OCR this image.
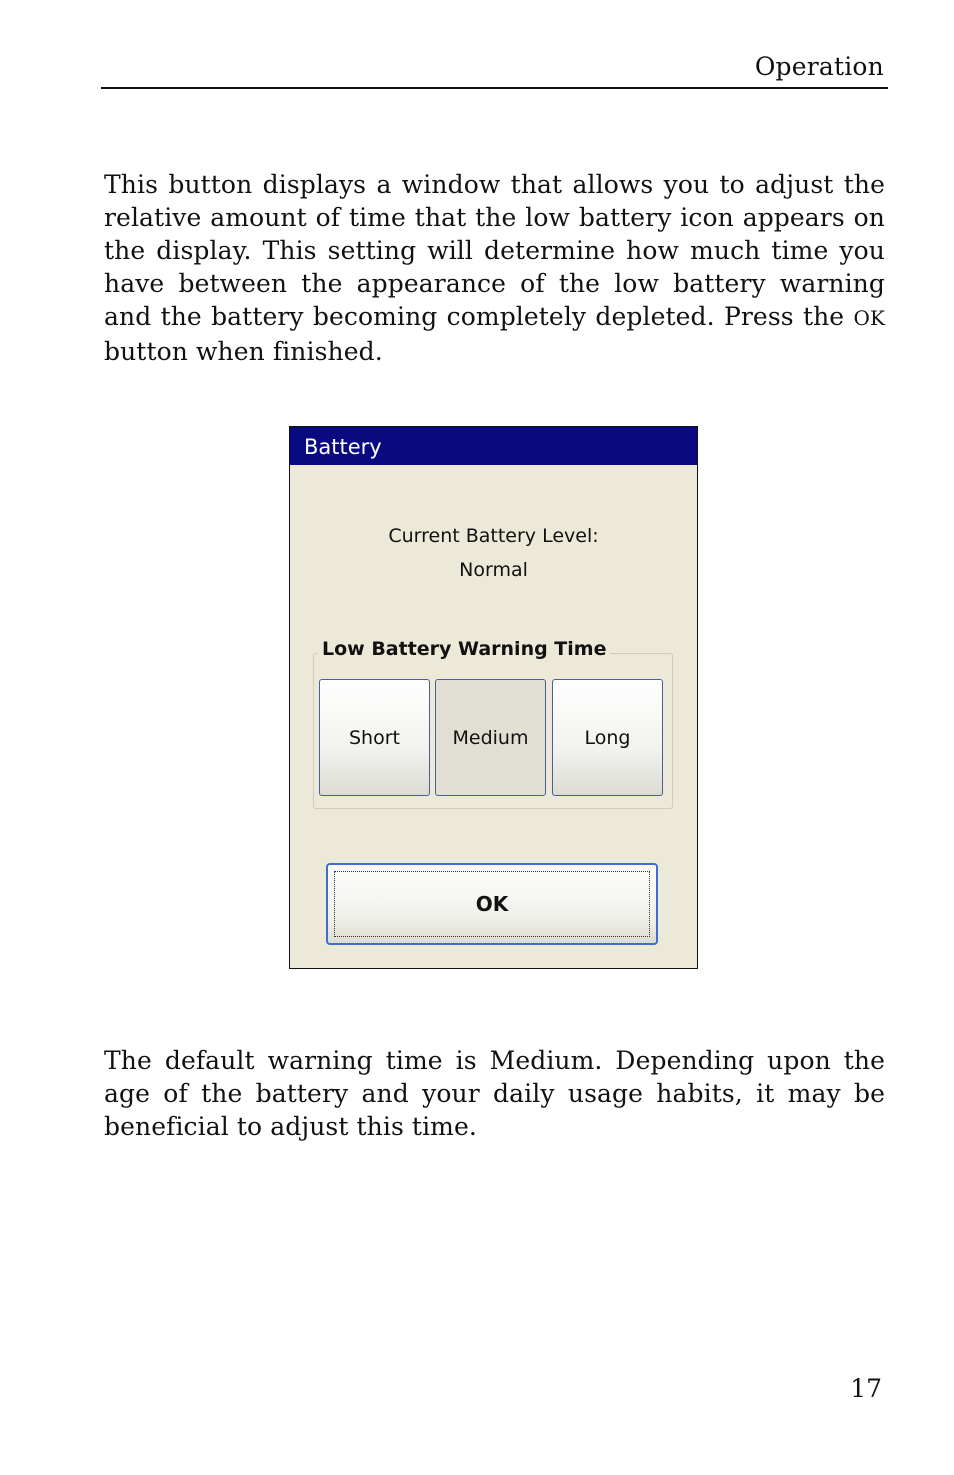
Operation

This button displays a window that allows you to adjust the relative amount of time that the low battery icon appears on the display. This setting will determine how much time you have between the appearance of the low battery warning and the battery becoming completely depleted. Press the OK button when finished.

Battery
Current Battery Level:
Normal
Low Battery Warning Time
Short	Medium	Long
OK

The default warning time is Medium. Depending upon the age of the battery and your daily usage habits, it may be beneficial to adjust this time.

17
